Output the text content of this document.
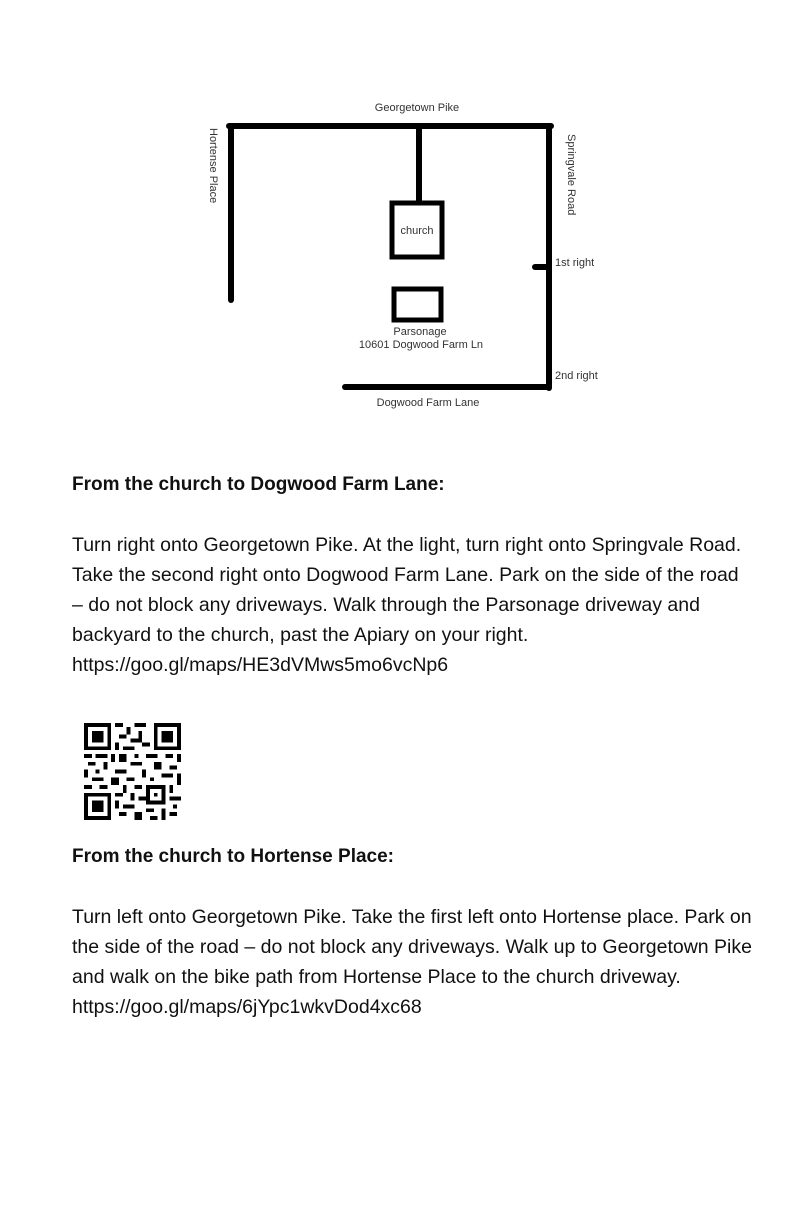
Georgetown Pike
Hortense Place	Springvale Road
church
Parsonage
10601 Dogwood Farm Ln
1st right
2nd right
Dogwood Farm Lane

From the church to Dogwood Farm Lane:

Turn right onto Georgetown Pike. At the light, turn right onto Springvale Road. Take the second right onto Dogwood Farm Lane. Park on the side of the road – do not block any driveways. Walk through the Parsonage driveway and backyard to the church, past the Apiary on your right.

https://goo.gl/maps/HE3dVMws5mo6vcNp6

From the church to Hortense Place:

Turn left onto Georgetown Pike. Take the first left onto Hortense place. Park on the side of the road – do not block any driveways. Walk up to Georgetown Pike and walk on the bike path from Hortense Place to the church driveway.

https://goo.gl/maps/6jYpc1wkvDod4xc68
